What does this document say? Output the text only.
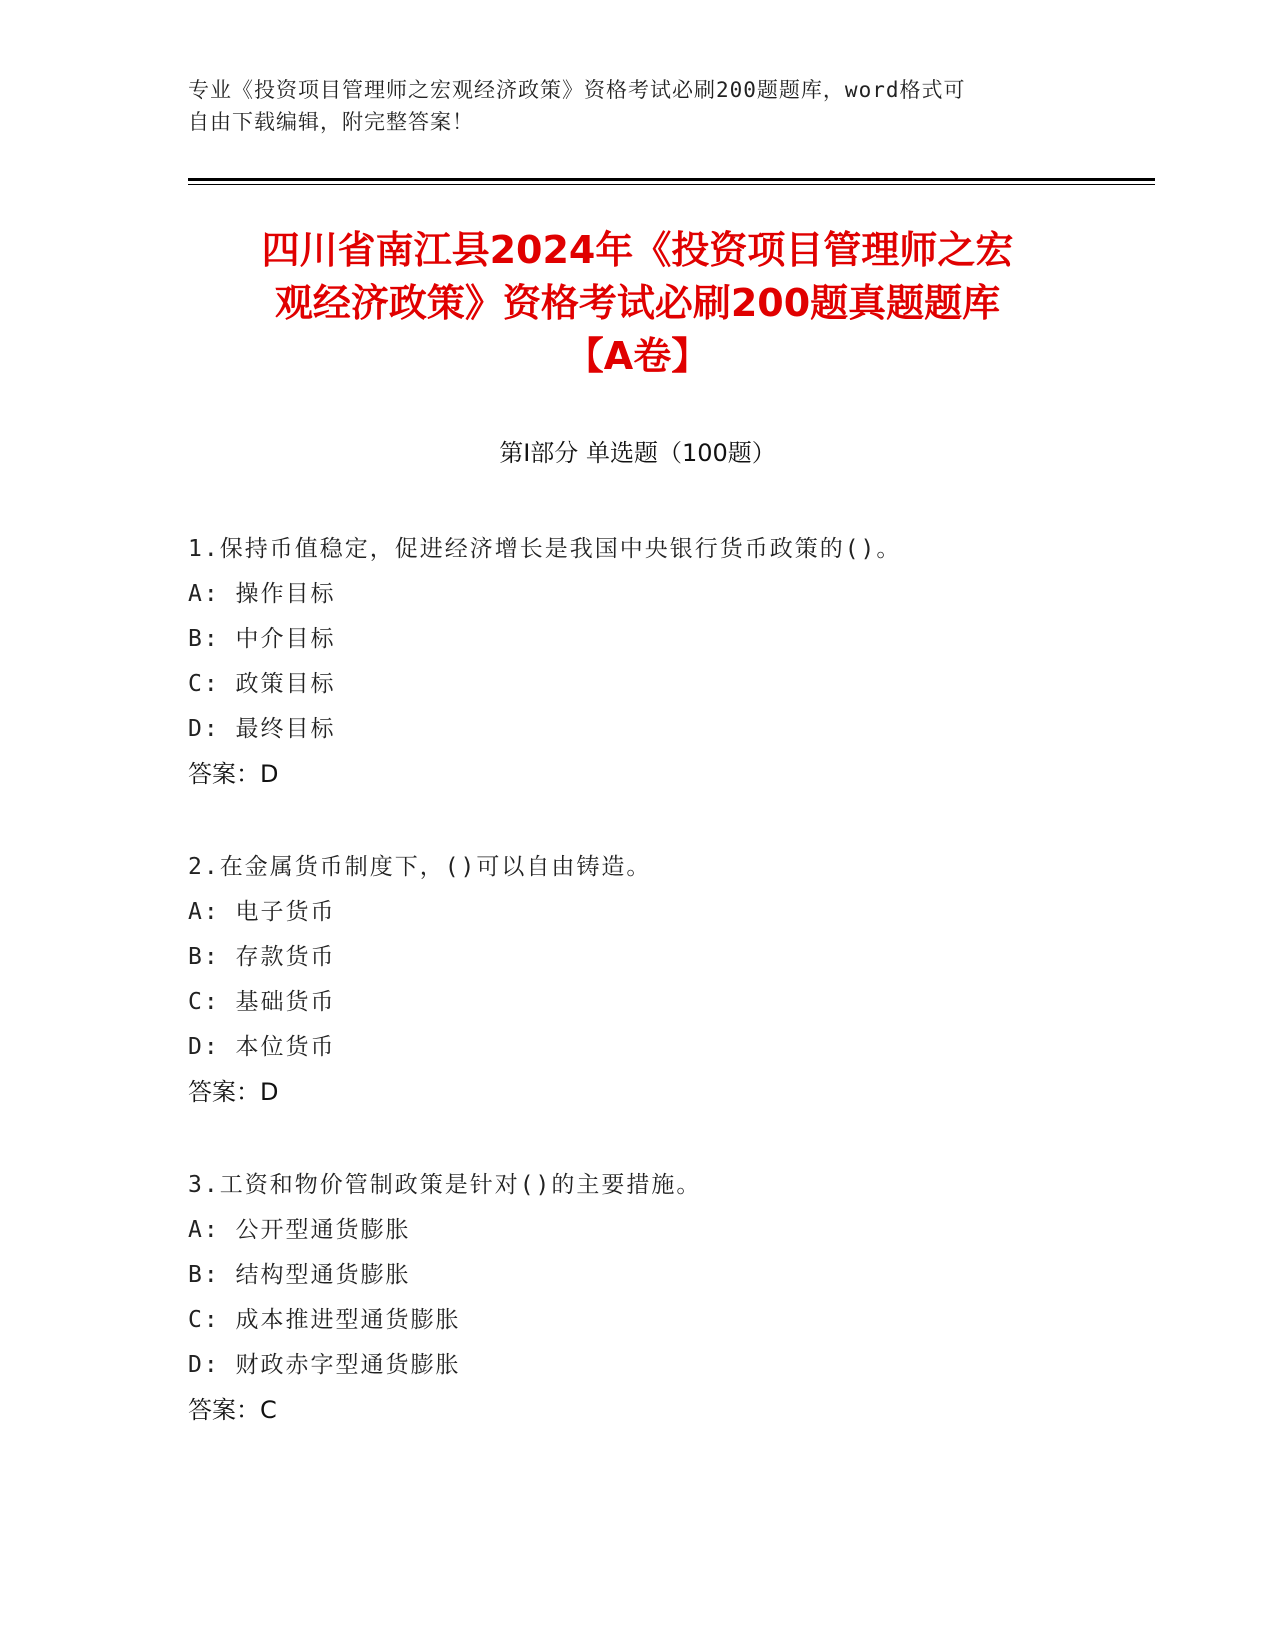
专业《投资项目管理师之宏观经济政策》资格考试必刷200题题库，word格式可
自由下载编辑，附完整答案！
四川省南江县2024年《投资项目管理师之宏
观经济政策》资格考试必刷200题真题题库
【A卷】
第I部分 单选题（100题）
1.保持币值稳定，促进经济增长是我国中央银行货币政策的()。
A: 操作目标
B: 中介目标
C: 政策目标
D: 最终目标
答案：D
2.在金属货币制度下，()可以自由铸造。
A: 电子货币
B: 存款货币
C: 基础货币
D: 本位货币
答案：D
3.工资和物价管制政策是针对()的主要措施。
A: 公开型通货膨胀
B: 结构型通货膨胀
C: 成本推进型通货膨胀
D: 财政赤字型通货膨胀
答案：C
